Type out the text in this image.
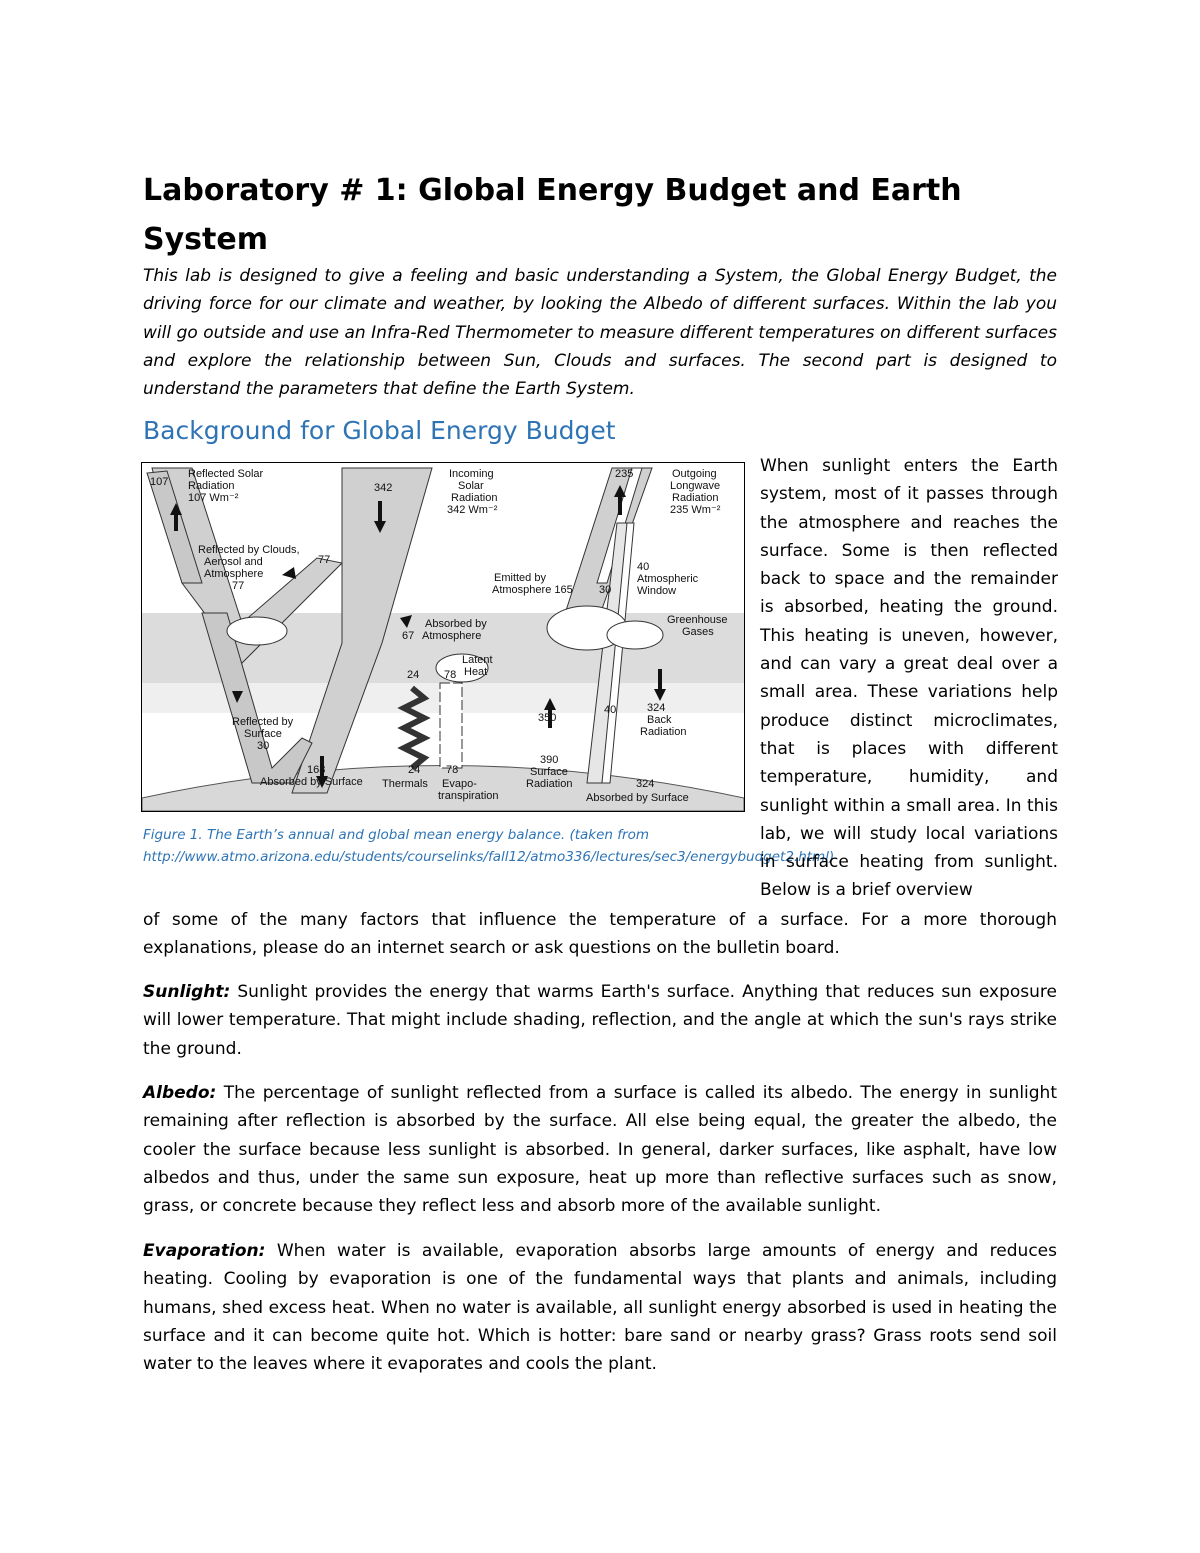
Laboratory # 1: Global Energy Budget and Earth System

This lab is designed to give a feeling and basic understanding a System, the Global Energy Budget, the driving force for our climate and weather, by looking the Albedo of different surfaces. Within the lab you will go outside and use an Infra-Red Thermometer to measure different temperatures on different surfaces and explore the relationship between Sun, Clouds and surfaces. The second part is designed to understand the parameters that define the Earth System.

Background for Global Energy Budget
Reflected Solar
Radiation
107 Wm⁻²
107
Incoming
Solar
Radiation
342 Wm⁻²
342
235	Outgoing
Longwave
Radiation
235 Wm⁻²
Reflected by Clouds,
Aerosol and
Atmosphere
77
77
Emitted by
Atmosphere 165 30
40
Atmospheric
Window
Greenhouse
Gases
Absorbed by
Atmosphere
67
Latent
Heat
24 78
350
40	324
Back
Radiation
Reflected by
Surface
30
168
Absorbed by Surface
24
Thermals
78
Evapo-
transpiration
390
Surface
Radiation	324
Absorbed by Surface

Figure 1. The Earth’s annual and global mean energy balance. (taken from http://www.atmo.arizona.edu/students/courselinks/fall12/atmo336/lectures/sec3/energybudget2.html)

When sunlight enters the Earth system, most of it passes through the atmosphere and reaches the surface. Some is then reflected back to space and the remainder is absorbed, heating the ground. This heating is uneven, however, and can vary a great deal over a small area. These variations help produce distinct microclimates, that is places with different temperature, humidity, and sunlight within a small area. In this lab, we will study local variations in surface heating from sunlight. Below is a brief overview

of some of the many factors that influence the temperature of a surface. For a more thorough explanations, please do an internet search or ask questions on the bulletin board.

Sunlight: Sunlight provides the energy that warms Earth's surface. Anything that reduces sun exposure will lower temperature. That might include shading, reflection, and the angle at which the sun's rays strike the ground.

Albedo: The percentage of sunlight reflected from a surface is called its albedo. The energy in sunlight remaining after reflection is absorbed by the surface. All else being equal, the greater the albedo, the cooler the surface because less sunlight is absorbed. In general, darker surfaces, like asphalt, have low albedos and thus, under the same sun exposure, heat up more than reflective surfaces such as snow, grass, or concrete because they reflect less and absorb more of the available sunlight.

Evaporation: When water is available, evaporation absorbs large amounts of energy and reduces heating. Cooling by evaporation is one of the fundamental ways that plants and animals, including humans, shed excess heat. When no water is available, all sunlight energy absorbed is used in heating the surface and it can become quite hot. Which is hotter: bare sand or nearby grass? Grass roots send soil water to the leaves where it evaporates and cools the plant.
